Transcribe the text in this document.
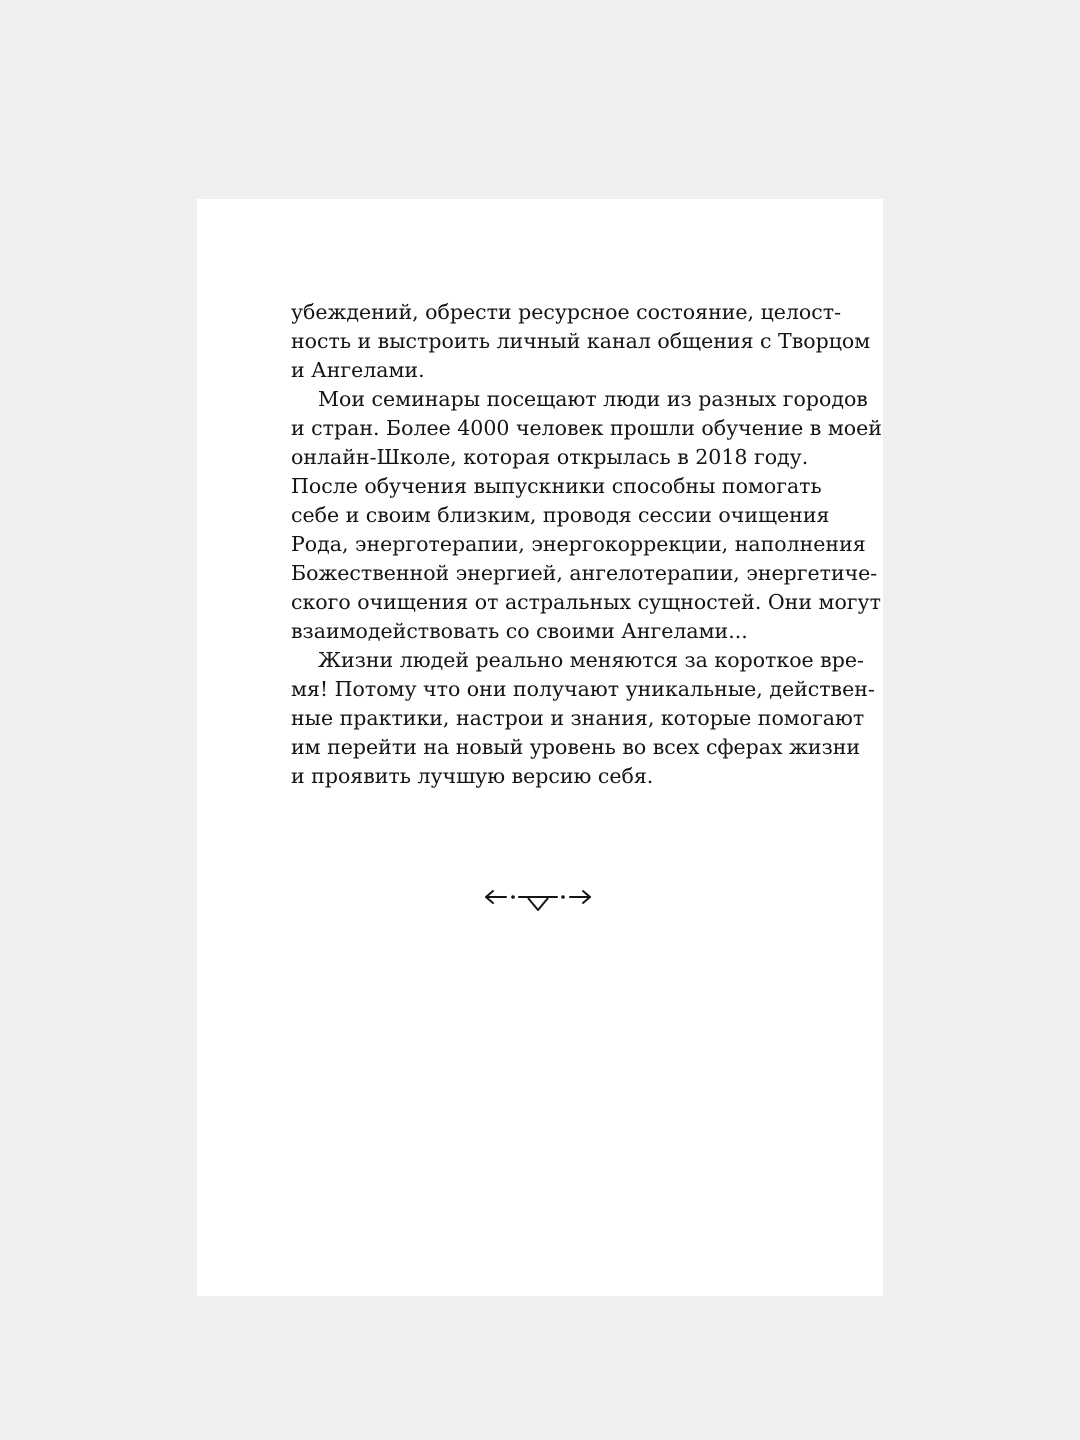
убеждений, обрести ресурсное состояние, целост-
ность и выстроить личный канал общения с Творцом
и Ангелами.
Мои семинары посещают люди из разных городов
и стран. Более 4000 человек прошли обучение в моей
онлайн-Школе, которая открылась в 2018 году.
После обучения выпускники способны помогать
себе и своим близким, проводя сессии очищения
Рода, энерготерапии, энергокоррекции, наполнения
Божественной энергией, ангелотерапии, энергетиче-
ского очищения от астральных сущностей. Они могут
взаимодействовать со своими Ангелами...
Жизни людей реально меняются за короткое вре-
мя! Потому что они получают уникальные, действен-
ные практики, настрои и знания, которые помогают
им перейти на новый уровень во всех сферах жизни
и проявить лучшую версию себя.
